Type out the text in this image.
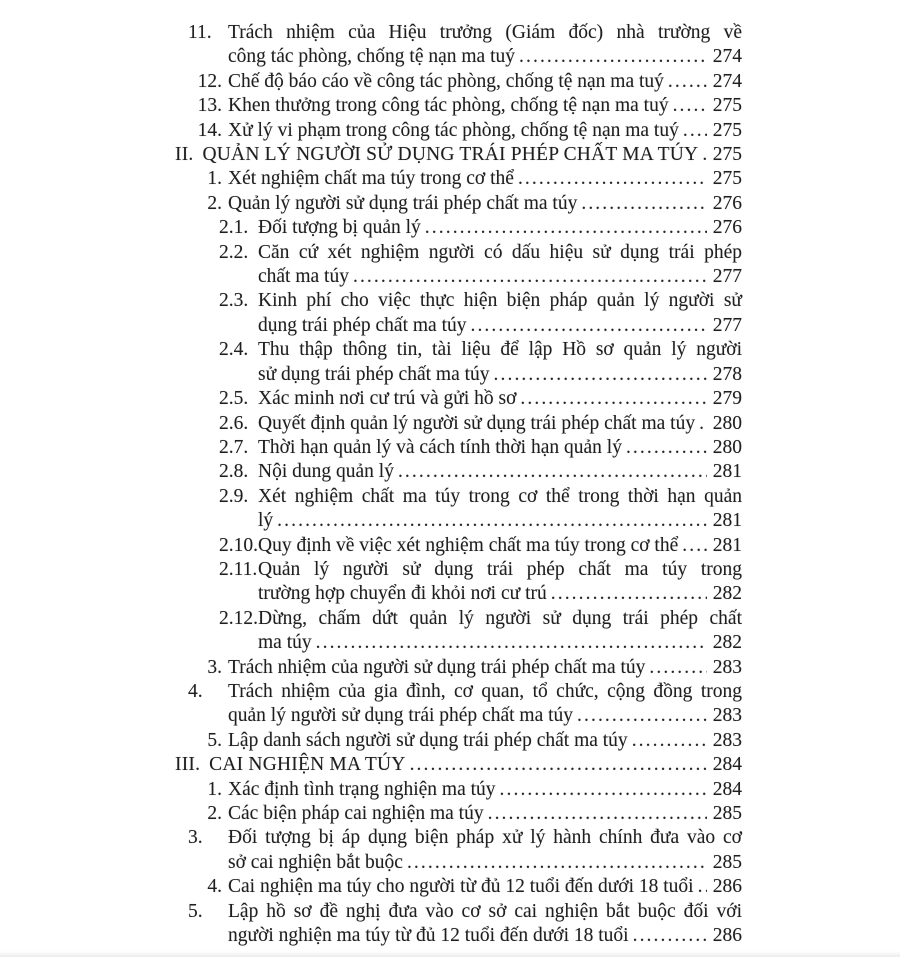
11. Trách nhiệm của Hiệu trưởng (Giám đốc) nhà trường về
công tác phòng, chống tệ nạn ma tuý .....	274
12. Chế độ báo cáo về công tác phòng, chống tệ nạn ma tuý .....	274
13. Khen thưởng trong công tác phòng, chống tệ nạn ma tuý ..... 275
14. Xử lý vi phạm trong công tác phòng, chống tệ nạn ma tuý ..... 275
II. QUẢN LÝ NGƯỜI SỬ DỤNG TRÁI PHÉP CHẤT MA TÚY ..... 275
1. Xét nghiệm chất ma túy trong cơ thể .....	275
2. Quản lý người sử dụng trái phép chất ma túy .....	276
2.1. Đối tượng bị quản lý .....	276
2.2. Căn cứ xét nghiệm người có dấu hiệu sử dụng trái phép
chất ma túy .....	277
2.3. Kinh phí cho việc thực hiện biện pháp quản lý người sử
dụng trái phép chất ma túy .....	277
2.4. Thu thập thông tin, tài liệu để lập Hồ sơ quản lý người
sử dụng trái phép chất ma túy .....	278
2.5. Xác minh nơi cư trú và gửi hồ sơ .....	279
2.6. Quyết định quản lý người sử dụng trái phép chất ma túy ..... 280
2.7. Thời hạn quản lý và cách tính thời hạn quản lý .....	280
2.8. Nội dung quản lý .....	281
2.9. Xét nghiệm chất ma túy trong cơ thể trong thời hạn quản
lý .....	281
2.10. Quy định về việc xét nghiệm chất ma túy trong cơ thể ..... 281
2.11. Quản lý người sử dụng trái phép chất ma túy trong
trường hợp chuyển đi khỏi nơi cư trú .....	282
2.12. Dừng, chấm dứt quản lý người sử dụng trái phép chất
ma túy .....	282
3. Trách nhiệm của người sử dụng trái phép chất ma túy .....	283
4.	Trách nhiệm của gia đình, cơ quan, tổ chức, cộng đồng trong
quản lý người sử dụng trái phép chất ma túy .....	283
5. Lập danh sách người sử dụng trái phép chất ma túy .....	283
III. CAI NGHIỆN MA TÚY .....	284
1. Xác định tình trạng nghiện ma túy .....	284
2. Các biện pháp cai nghiện ma túy .....	285
3.	Đối tượng bị áp dụng biện pháp xử lý hành chính đưa vào cơ
sở cai nghiện bắt buộc .....	285
4. Cai nghiện ma túy cho người từ đủ 12 tuổi đến dưới 18 tuổi ..... 286
5.	Lập hồ sơ đề nghị đưa vào cơ sở cai nghiện bắt buộc đối với
người nghiện ma túy từ đủ 12 tuổi đến dưới 18 tuổi .....	286
